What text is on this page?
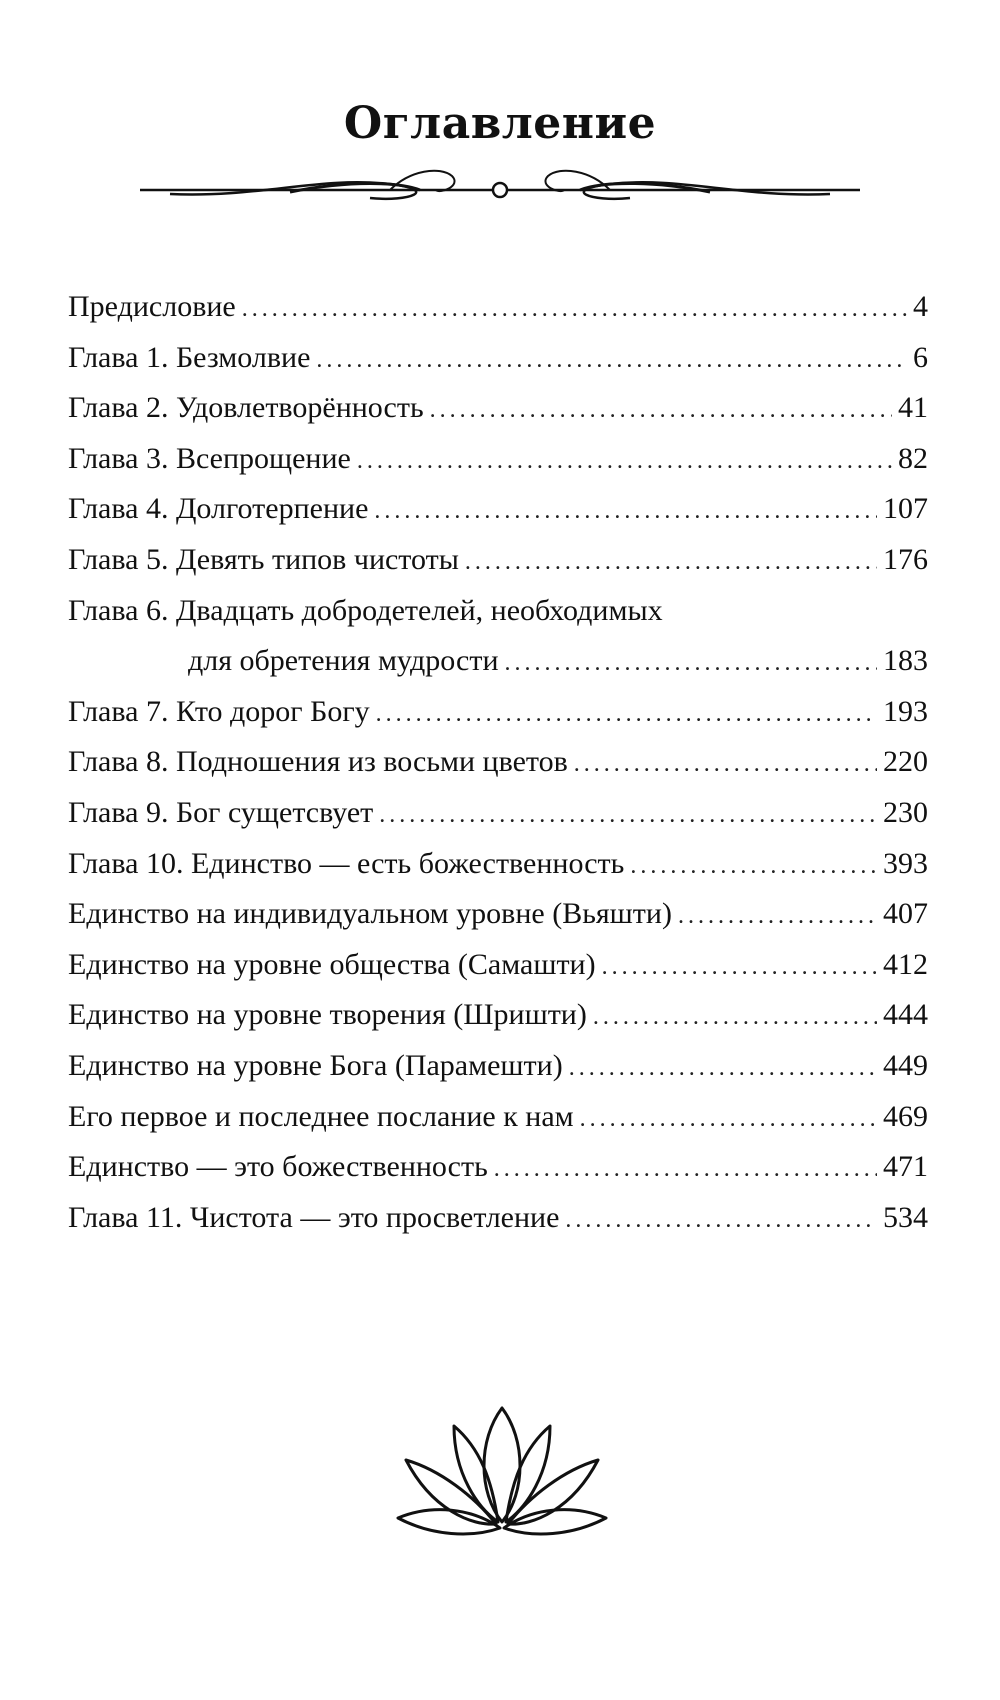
Оглавление
Предисловие .....	4
Глава 1. Безмолвие .....	6
Глава 2. Удовлетворённость .....	41
Глава 3. Всепрощение .....	82
Глава 4. Долготерпение .....	107
Глава 5. Девять типов чистоты .....	176
Глава 6. Двадцать добродетелей, необходимых
для обретения мудрости .....	183
Глава 7. Кто дорог Богу .....	193
Глава 8. Подношения из восьми цветов .....	220
Глава 9. Бог сущетсвует .....	230
Глава 10. Единство — есть божественность .....	393
Единство на индивидуальном уровне (Вьяшти) .....	407
Единство на уровне общества (Самашти) .....	412
Единство на уровне творения (Шришти) .....	444
Единство на уровне Бога (Парамешти) .....	449
Его первое и последнее послание к нам .....	469
Единство — это божественность .....	471
Глава 11. Чистота — это просветление .....	534
